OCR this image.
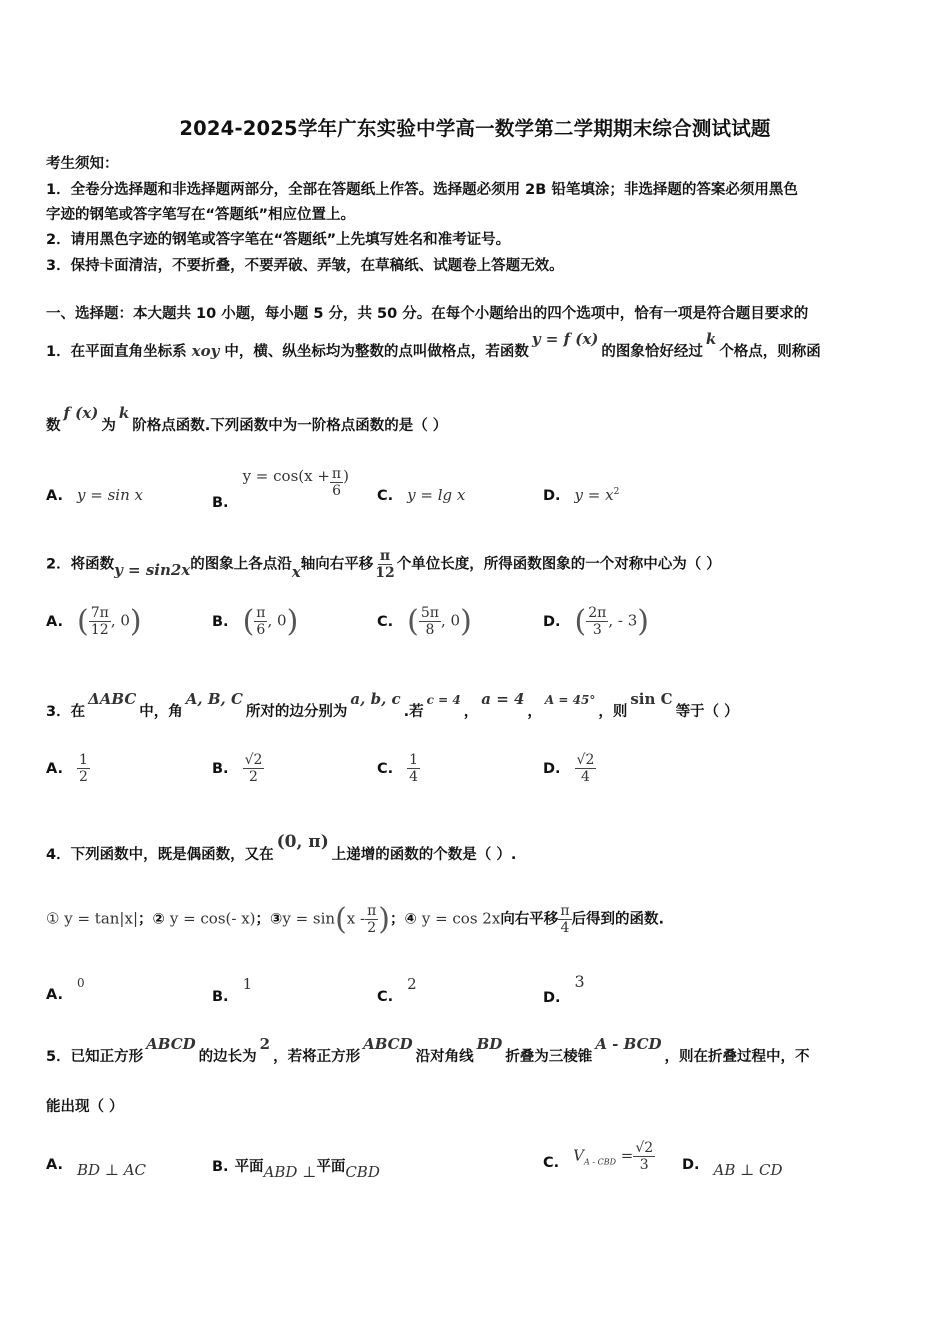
2024-2025学年广东实验中学高一数学第二学期期末综合测试试题
考生须知：
1．全卷分选择题和非选择题两部分，全部在答题纸上作答。选择题必须用 2B 铅笔填涂；非选择题的答案必须用黑色
字迹的钢笔或答字笔写在“答题纸”相应位置上。
2．请用黑色字迹的钢笔或答字笔在“答题纸”上先填写姓名和准考证号。
3．保持卡面清洁，不要折叠，不要弄破、弄皱，在草稿纸、试题卷上答题无效。
一、选择题：本大题共 10 小题，每小题 5 分，共 50 分。在每个小题给出的四个选项中，恰有一项是符合题目要求的
1．在平面直角坐标系 xoy 中，横、纵坐标均为整数的点叫做格点，若函数y = f (x)的图象恰好经过k个格点，则称函
数f (x)为k阶格点函数.下列函数中为一阶格点函数的是（ ）
A. y = sin x	$B.y = \cos(x + \frac{\pi}{6}$ )
C. y = lg x	D. $y = x^2$
2．将函数y = sin2x的图象上各点沿x轴向右平移 $\frac{\pi}{12}$ 个单位长度，所得函数图象的一个对称中心为（ ）
A. ( $\frac{7\pi}{12}$ , 0)	B. ( $\frac{\pi}{6}$ , 0)	C. ( $\frac{5\pi}{8}$ , 0)	D. ( $\frac{2\pi}{3}$ , - 3)
3．在ΔABC中，角A, B, C所对的边分别为a, b, c.若$^{c = 4}$，a = 4，$^{A = 45^\circ}$，则sin C等于（ ）
A. $\frac{1}{2}$	B. $\frac{√2}{2}$	C. $\frac{1}{4}$	D. $\frac{√2}{4}$
4．下列函数中，既是偶函数，又在(0, π)上递增的函数的个数是（ ）.
① y = tan|x|；② y = cos(- x)；③y = $\sin(x - \frac{\pi}{2}$ )；④ y = cos 2x向右平移 $\frac{\pi}{4}$ 后得到的函数.
A.0
B.1
C.2
D.3
5．已知正方形ABCD的边长为2，若将正方形ABCD沿对角线BD折叠为三棱锥A - BCD，则在折叠过程中，不
能出现（ ）
A. BD ⊥ AC	B. 平面ABD ⊥平面CBD
C. $V_{A - CBD} = \frac{√2}{3} D$. AB ⊥ CD
